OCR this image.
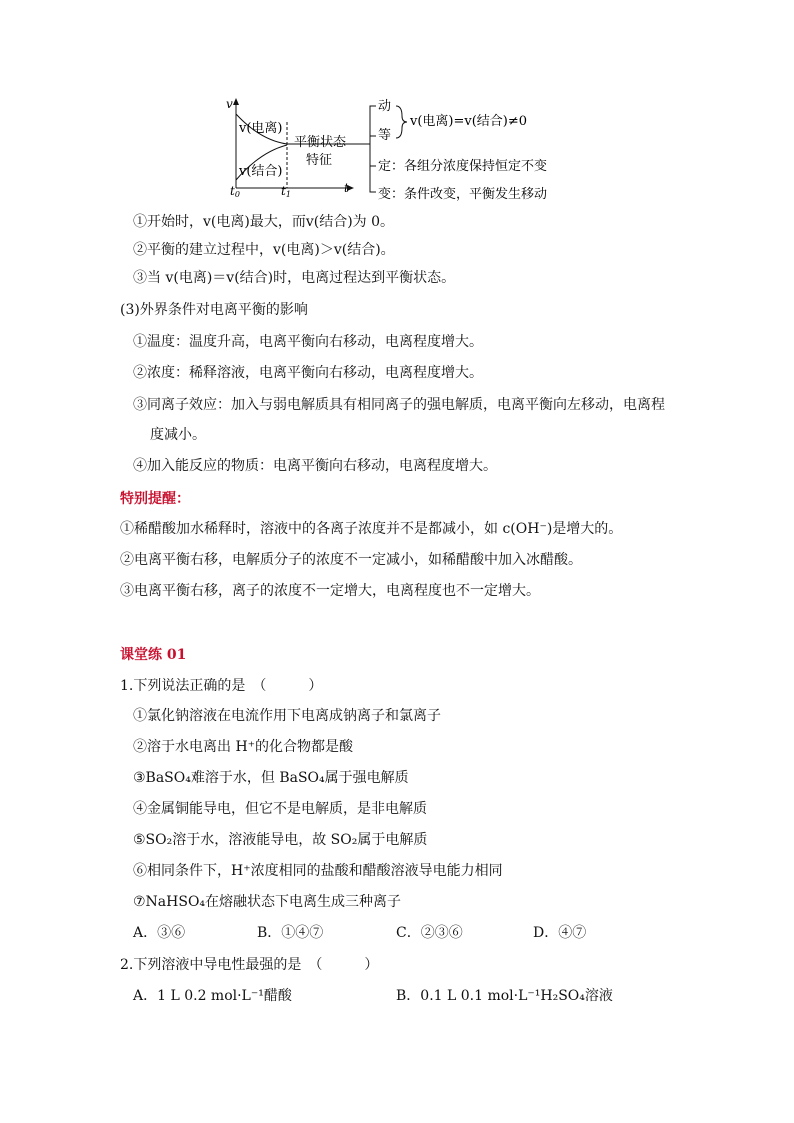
v
t
t0	t1
v(电离)
v(结合)
平衡状态
特征
动
等
v(电离)=v(结合)≠0
定：各组分浓度保持恒定不变
变：条件改变，平衡发生移动
①开始时，v(电离)最大，而v(结合)为 0。
②平衡的建立过程中，v(电离)＞v(结合)。
③当 v(电离)＝v(结合)时，电离过程达到平衡状态。
(3)外界条件对电离平衡的影响
①温度：温度升高，电离平衡向右移动，电离程度增大。
②浓度：稀释溶液，电离平衡向右移动，电离程度增大。
③同离子效应：加入与弱电解质具有相同离子的强电解质，电离平衡向左移动，电离程
度减小。
④加入能反应的物质：电离平衡向右移动，电离程度增大。
特别提醒：
①稀醋酸加水稀释时，溶液中的各离子浓度并不是都减小，如 c(OH⁻)是增大的。
②电离平衡右移，电解质分子的浓度不一定减小，如稀醋酸中加入冰醋酸。
③电离平衡右移，离子的浓度不一定增大，电离程度也不一定增大。
课堂练 01
1.下列说法正确的是　（　　　）
①氯化钠溶液在电流作用下电离成钠离子和氯离子
②溶于水电离出 H⁺的化合物都是酸
③BaSO₄难溶于水，但 BaSO₄属于强电解质
④金属铜能导电，但它不是电解质，是非电解质
⑤SO₂溶于水，溶液能导电，故 SO₂属于电解质
⑥相同条件下，H⁺浓度相同的盐酸和醋酸溶液导电能力相同
⑦NaHSO₄在熔融状态下电离生成三种离子
A．③⑥	B．①④⑦	C．②③⑥	D．④⑦
2.下列溶液中导电性最强的是　（　　　）
A．1 L 0.2 mol·L⁻¹醋酸	B．0.1 L 0.1 mol·L⁻¹H₂SO₄溶液
